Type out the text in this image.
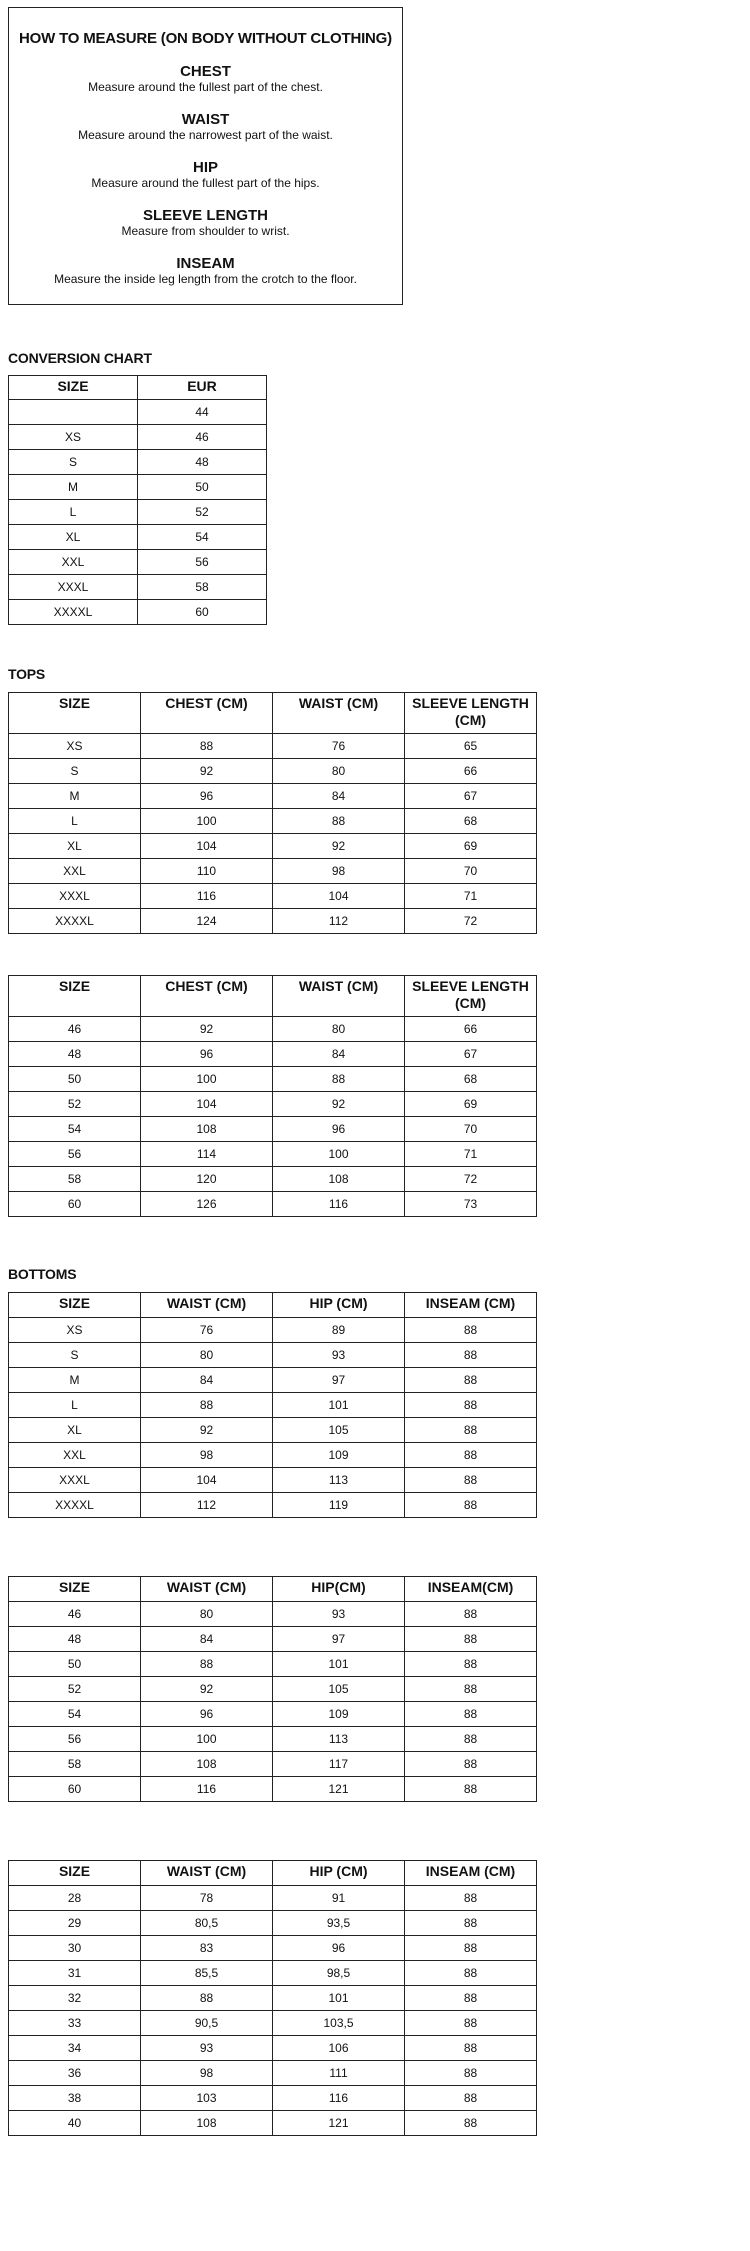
HOW TO MEASURE (ON BODY WITHOUT CLOTHING)
CHEST
Measure around the fullest part of the chest.
WAIST
Measure around the narrowest part of the waist.
HIP
Measure around the fullest part of the hips.
SLEEVE LENGTH
Measure from shoulder to wrist.
INSEAM
Measure the inside leg length from the crotch to the floor.
CONVERSION CHART
SIZE	EUR
	44
XS	46
S	48
M	50
L	52
XL	54
XXL	56
XXXL	58
XXXXL	60
TOPS
SIZE	CHEST (CM)	WAIST (CM)	SLEEVE LENGTH (CM)
XS	88	76	65
S	92	80	66
M	96	84	67
L	100	88	68
XL	104	92	69
XXL	110	98	70
XXXL	116	104	71
XXXXL	124	112	72
SIZE	CHEST (CM)	WAIST (CM)	SLEEVE LENGTH (CM)
46	92	80	66
48	96	84	67
50	100	88	68
52	104	92	69
54	108	96	70
56	114	100	71
58	120	108	72
60	126	116	73
BOTTOMS
SIZE	WAIST (CM)	HIP (CM)	INSEAM (CM)
XS	76	89	88
S	80	93	88
M	84	97	88
L	88	101	88
XL	92	105	88
XXL	98	109	88
XXXL	104	113	88
XXXXL	112	119	88
SIZE	WAIST (CM)	HIP(CM)	INSEAM(CM)
46	80	93	88
48	84	97	88
50	88	101	88
52	92	105	88
54	96	109	88
56	100	113	88
58	108	117	88
60	116	121	88
SIZE	WAIST (CM)	HIP (CM)	INSEAM (CM)
28	78	91	88
29	80,5	93,5	88
30	83	96	88
31	85,5	98,5	88
32	88	101	88
33	90,5	103,5	88
34	93	106	88
36	98	111	88
38	103	116	88
40	108	121	88
